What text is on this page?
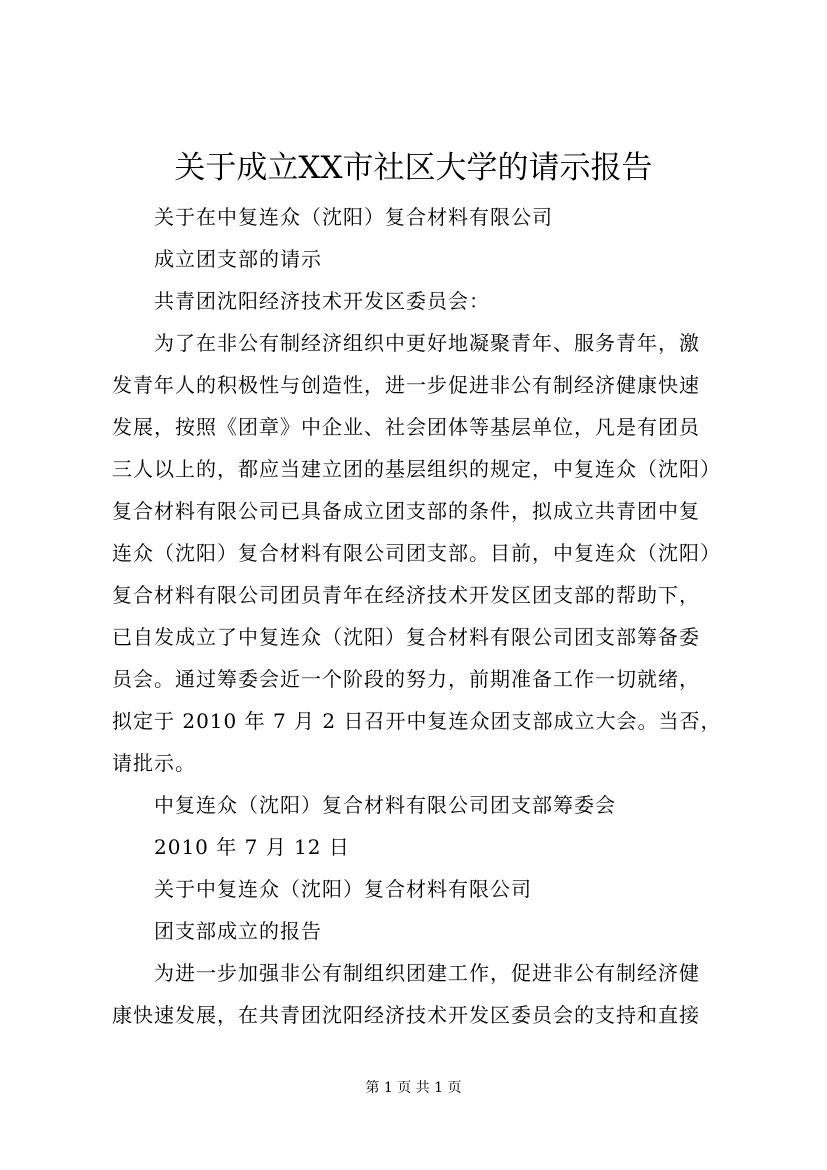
关于成立XX市社区大学的请示报告

关于在中复连众（沈阳）复合材料有限公司

成立团支部的请示

共青团沈阳经济技术开发区委员会：

为了在非公有制经济组织中更好地凝聚青年、服务青年，激

发青年人的积极性与创造性，进一步促进非公有制经济健康快速

发展，按照《团章》中企业、社会团体等基层单位，凡是有团员

三人以上的，都应当建立团的基层组织的规定，中复连众（沈阳）

复合材料有限公司已具备成立团支部的条件，拟成立共青团中复

连众（沈阳）复合材料有限公司团支部。目前，中复连众（沈阳）

复合材料有限公司团员青年在经济技术开发区团支部的帮助下，

已自发成立了中复连众（沈阳）复合材料有限公司团支部筹备委

员会。通过筹委会近一个阶段的努力，前期准备工作一切就绪，

拟定于 2010 年 7 月 2 日召开中复连众团支部成立大会。当否，

请批示。

中复连众（沈阳）复合材料有限公司团支部筹委会

2010 年 7 月 12 日

关于中复连众（沈阳）复合材料有限公司

团支部成立的报告

为进一步加强非公有制组织团建工作，促进非公有制经济健

康快速发展，在共青团沈阳经济技术开发区委员会的支持和直接

第 1 页 共 1 页
